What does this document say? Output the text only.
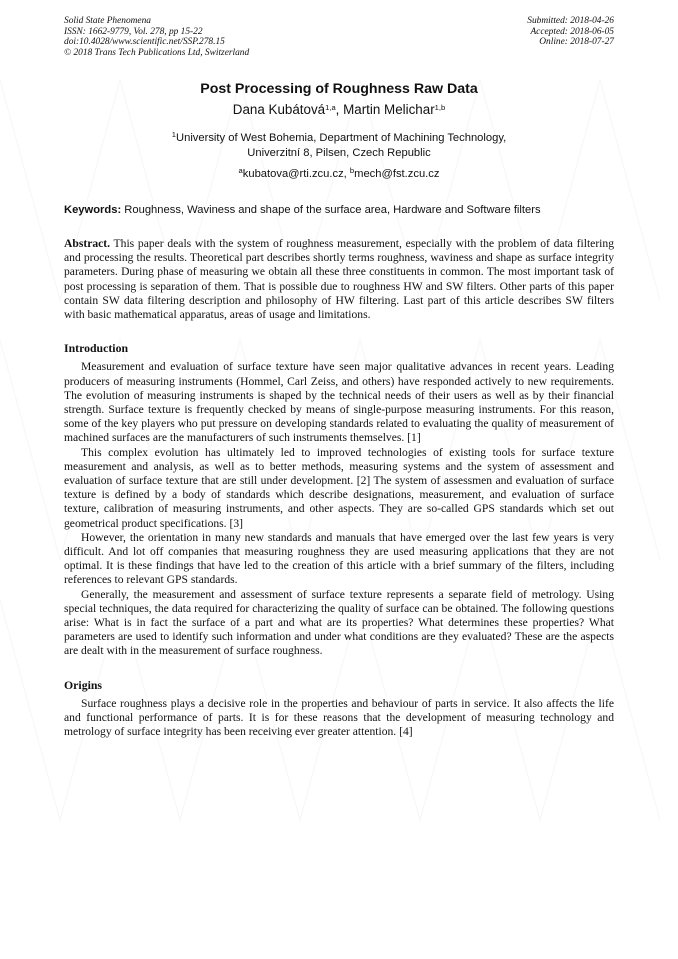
Solid State Phenomena
ISSN: 1662-9779, Vol. 278, pp 15-22
doi:10.4028/www.scientific.net/SSP.278.15
© 2018 Trans Tech Publications Ltd, Switzerland
Submitted: 2018-04-26
Accepted: 2018-06-05
Online: 2018-07-27
Post Processing of Roughness Raw Data
Dana Kubátová$^{1,a}$, Martin Melichar$^{1,b}$
$^1$University of West Bohemia, Department of Machining Technology,
Univerzitní 8, Pilsen, Czech Republic
$^a$kubatova@rti.zcu.cz, $^b$mech@fst.zcu.cz
Keywords: Roughness, Waviness and shape of the surface area, Hardware and Software filters

Abstract. This paper deals with the system of roughness measurement, especially with the problem of data filtering and processing the results. Theoretical part describes shortly terms roughness, waviness and shape as surface integrity parameters. During phase of measuring we obtain all these three constituents in common. The most important task of post processing is separation of them. That is possible due to roughness HW and SW filters. Other parts of this paper contain SW data filtering description and philosophy of HW filtering. Last part of this article describes SW filters with basic mathematical apparatus, areas of usage and limitations.

Introduction

Measurement and evaluation of surface texture have seen major qualitative advances in recent years. Leading producers of measuring instruments (Hommel, Carl Zeiss, and others) have responded actively to new requirements. The evolution of measuring instruments is shaped by the technical needs of their users as well as by their financial strength. Surface texture is frequently checked by means of single-purpose measuring instruments. For this reason, some of the key players who put pressure on developing standards related to evaluating the quality of measurement of machined surfaces are the manufacturers of such instruments themselves. [1]

This complex evolution has ultimately led to improved technologies of existing tools for surface texture measurement and analysis, as well as to better methods, measuring systems and the system of assessment and evaluation of surface texture that are still under development. [2] The system of assessmen and evaluation of surface texture is defined by a body of standards which describe designations, measurement, and evaluation of surface texture, calibration of measuring instruments, and other aspects. They are so-called GPS standards which set out geometrical product specifications. [3]

However, the orientation in many new standards and manuals that have emerged over the last few years is very difficult. And lot off companies that measuring roughness they are used measuring applications that they are not optimal. It is these findings that have led to the creation of this article with a brief summary of the filters, including references to relevant GPS standards.

Generally, the measurement and assessment of surface texture represents a separate field of metrology. Using special techniques, the data required for characterizing the quality of surface can be obtained. The following questions arise: What is in fact the surface of a part and what are its properties? What determines these properties? What parameters are used to identify such information and under what conditions are they evaluated? These are the aspects are dealt with in the measurement of surface roughness.

Origins

Surface roughness plays a decisive role in the properties and behaviour of parts in service. It also affects the life and functional performance of parts. It is for these reasons that the development of measuring technology and metrology of surface integrity has been receiving ever greater attention. [4]
